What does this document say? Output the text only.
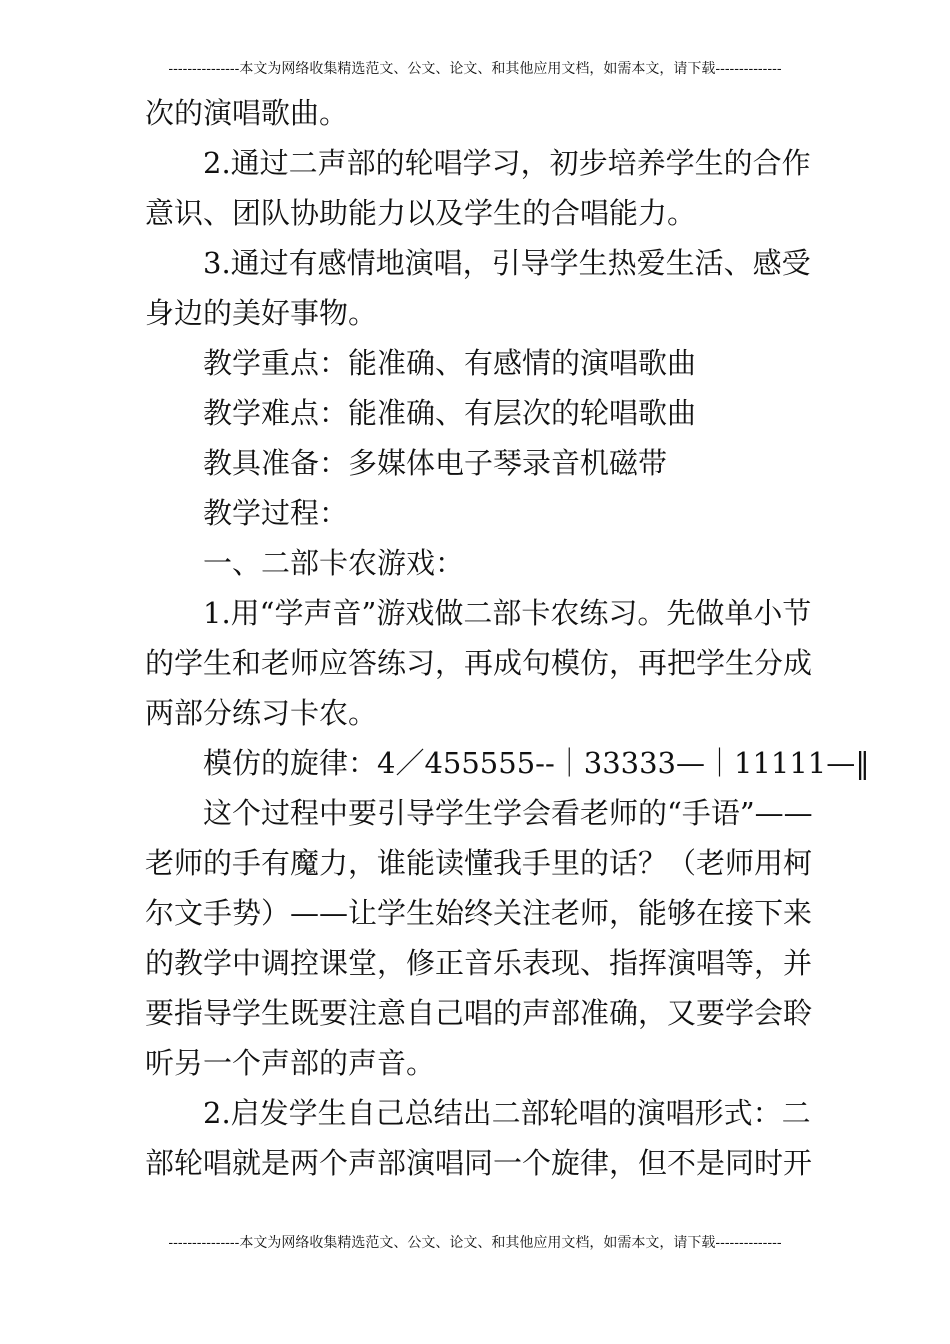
---------------本文为网络收集精选范文、公文、论文、和其他应用文档，如需本文，请下载--------------
次的演唱歌曲。
2.通过二声部的轮唱学习，初步培养学生的合作
意识、团队协助能力以及学生的合唱能力。
3.通过有感情地演唱，引导学生热爱生活、感受
身边的美好事物。
教学重点：能准确、有感情的演唱歌曲
教学难点：能准确、有层次的轮唱歌曲
教具准备：多媒体电子琴录音机磁带
教学过程：
一、二部卡农游戏：
1.用“学声音”游戏做二部卡农练习。先做单小节
的学生和老师应答练习，再成句模仿，再把学生分成
两部分练习卡农。
模仿的旋律：4／455555--｜33333—｜11111—‖
这个过程中要引导学生学会看老师的“手语”——
老师的手有魔力，谁能读懂我手里的话？（老师用柯
尔文手势）——让学生始终关注老师，能够在接下来
的教学中调控课堂，修正音乐表现、指挥演唱等，并
要指导学生既要注意自己唱的声部准确，又要学会聆
听另一个声部的声音。
2.启发学生自己总结出二部轮唱的演唱形式：二
部轮唱就是两个声部演唱同一个旋律，但不是同时开
---------------本文为网络收集精选范文、公文、论文、和其他应用文档，如需本文，请下载--------------
